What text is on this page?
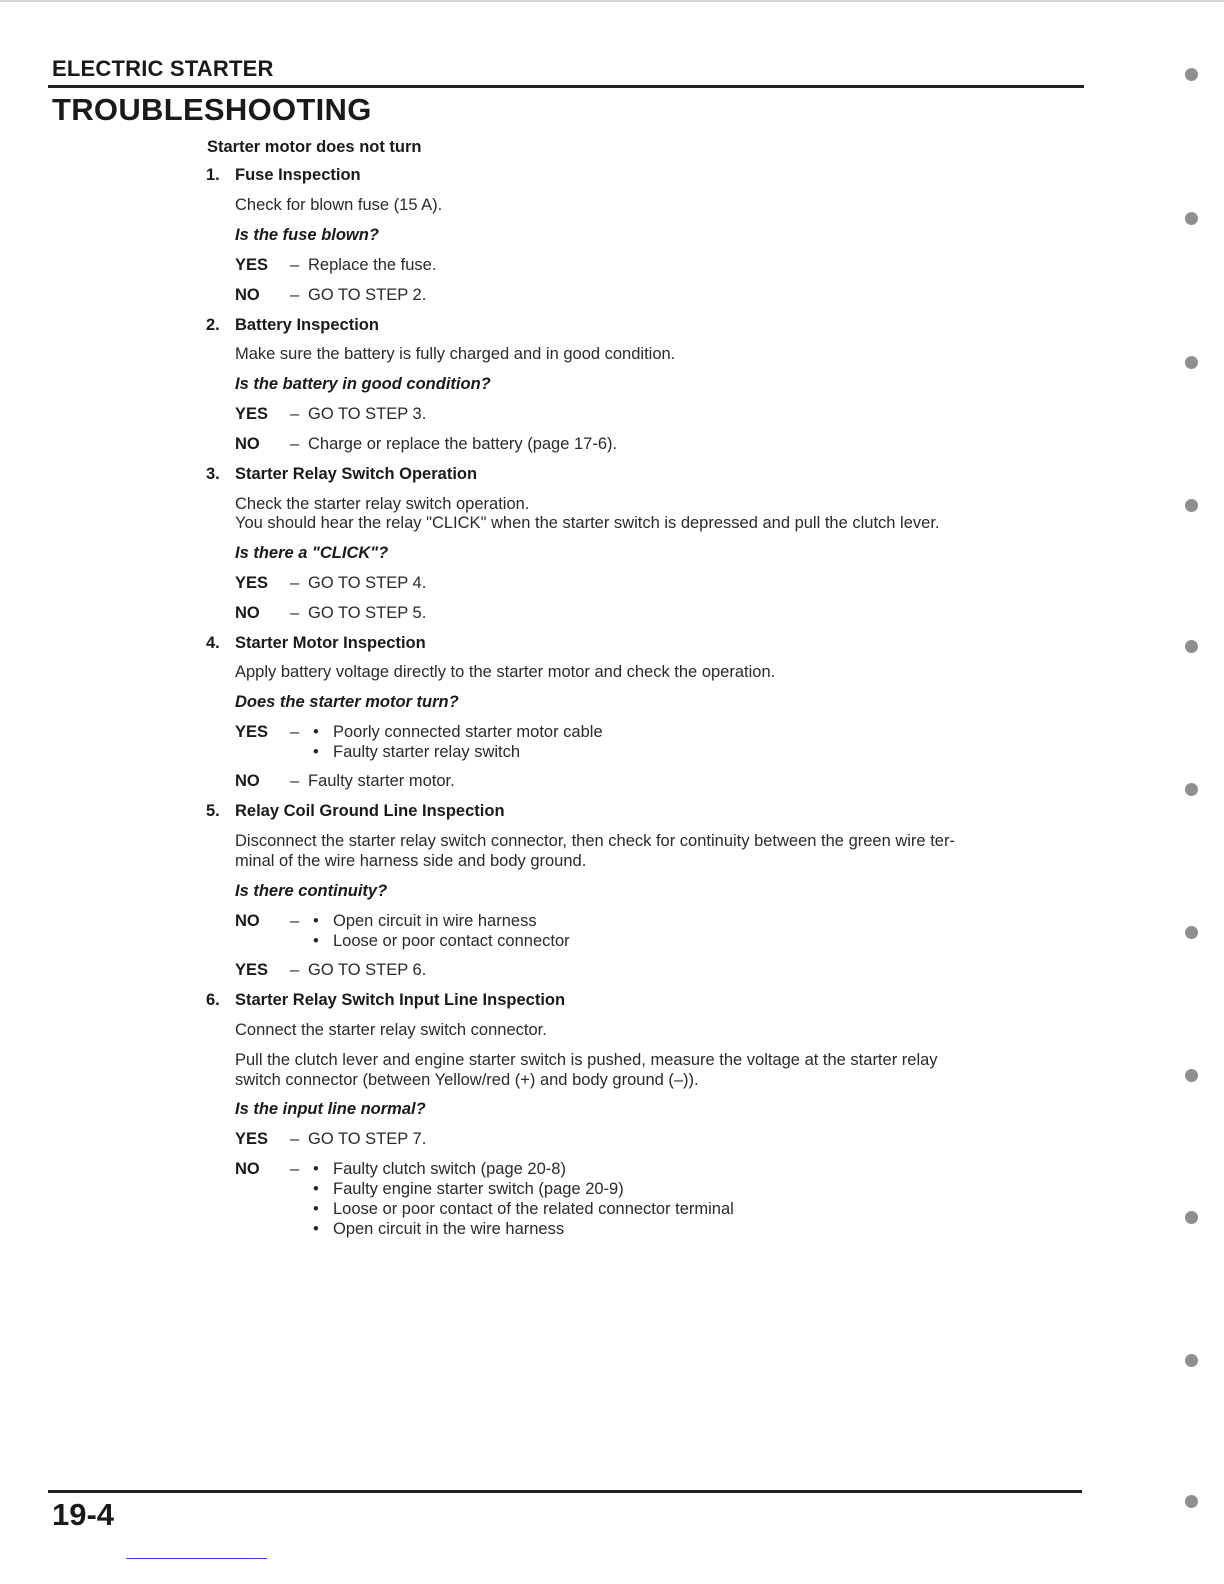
ELECTRIC STARTER
TROUBLESHOOTING
Starter motor does not turn
1. Fuse Inspection
Check for blown fuse (15 A).
Is the fuse blown?
YES – Replace the fuse.
NO – GO TO STEP 2.
2. Battery Inspection
Make sure the battery is fully charged and in good condition.
Is the battery in good condition?
YES – GO TO STEP 3.
NO – Charge or replace the battery (page 17-6).
3. Starter Relay Switch Operation
Check the starter relay switch operation.
You should hear the relay "CLICK" when the starter switch is depressed and pull the clutch lever.
Is there a "CLICK"?
YES – GO TO STEP 4.
NO – GO TO STEP 5.
4. Starter Motor Inspection
Apply battery voltage directly to the starter motor and check the operation.
Does the starter motor turn?
YES – • Poorly connected starter motor cable
• Faulty starter relay switch
NO – Faulty starter motor.
5. Relay Coil Ground Line Inspection
Disconnect the starter relay switch connector, then check for continuity between the green wire ter-
minal of the wire harness side and body ground.
Is there continuity?
NO – • Open circuit in wire harness
• Loose or poor contact connector
YES – GO TO STEP 6.
6. Starter Relay Switch Input Line Inspection
Connect the starter relay switch connector.
Pull the clutch lever and engine starter switch is pushed, measure the voltage at the starter relay
switch connector (between Yellow/red (+) and body ground (–)).
Is the input line normal?
YES – GO TO STEP 7.
NO – • Faulty clutch switch (page 20-8)
• Faulty engine starter switch (page 20-9)
• Loose or poor contact of the related connector terminal
• Open circuit in the wire harness
19-4
